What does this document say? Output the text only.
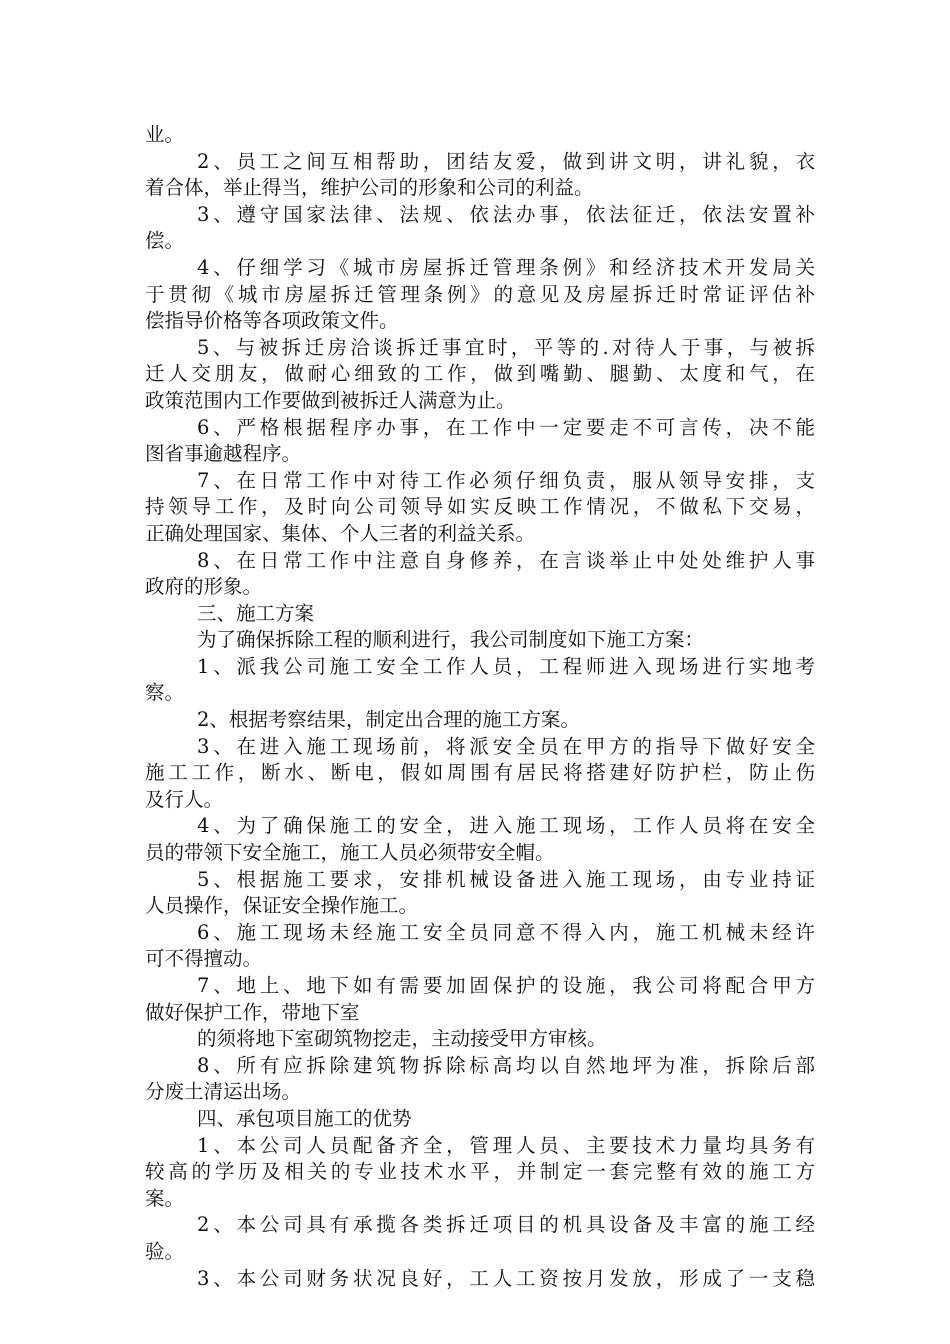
业。
2、员工之间互相帮助，团结友爱，做到讲文明，讲礼貌，衣
着合体，举止得当，维护公司的形象和公司的利益。
3、遵守国家法律、法规、依法办事，依法征迁，依法安置补
偿。
4、仔细学习《城市房屋拆迁管理条例》和经济技术开发局关
于贯彻《城市房屋拆迁管理条例》的意见及房屋拆迁时常证评估补
偿指导价格等各项政策文件。
5、与被拆迁房洽谈拆迁事宜时，平等的.对待人于事，与被拆
迁人交朋友，做耐心细致的工作，做到嘴勤、腿勤、太度和气，在
政策范围内工作要做到被拆迁人满意为止。
6、严格根据程序办事，在工作中一定要走不可言传，决不能
图省事逾越程序。
7、在日常工作中对待工作必须仔细负责，服从领导安排，支
持领导工作，及时向公司领导如实反映工作情况，不做私下交易，
正确处理国家、集体、个人三者的利益关系。
8、在日常工作中注意自身修养，在言谈举止中处处维护人事
政府的形象。
三、施工方案
为了确保拆除工程的顺利进行，我公司制度如下施工方案：
1、派我公司施工安全工作人员，工程师进入现场进行实地考
察。
2、根据考察结果，制定出合理的施工方案。
3、在进入施工现场前，将派安全员在甲方的指导下做好安全
施工工作，断水、断电，假如周围有居民将搭建好防护栏，防止伤
及行人。
4、为了确保施工的安全，进入施工现场，工作人员将在安全
员的带领下安全施工，施工人员必须带安全帽。
5、根据施工要求，安排机械设备进入施工现场，由专业持证
人员操作，保证安全操作施工。
6、施工现场未经施工安全员同意不得入内，施工机械未经许
可不得擅动。
7、地上、地下如有需要加固保护的设施，我公司将配合甲方
做好保护工作，带地下室
的须将地下室砌筑物挖走，主动接受甲方审核。
8、所有应拆除建筑物拆除标高均以自然地坪为准，拆除后部
分废土清运出场。
四、承包项目施工的优势
1、本公司人员配备齐全，管理人员、主要技术力量均具务有
较高的学历及相关的专业技术水平，并制定一套完整有效的施工方
案。
2、本公司具有承揽各类拆迁项目的机具设备及丰富的施工经
验。
3、本公司财务状况良好，工人工资按月发放，形成了一支稳
